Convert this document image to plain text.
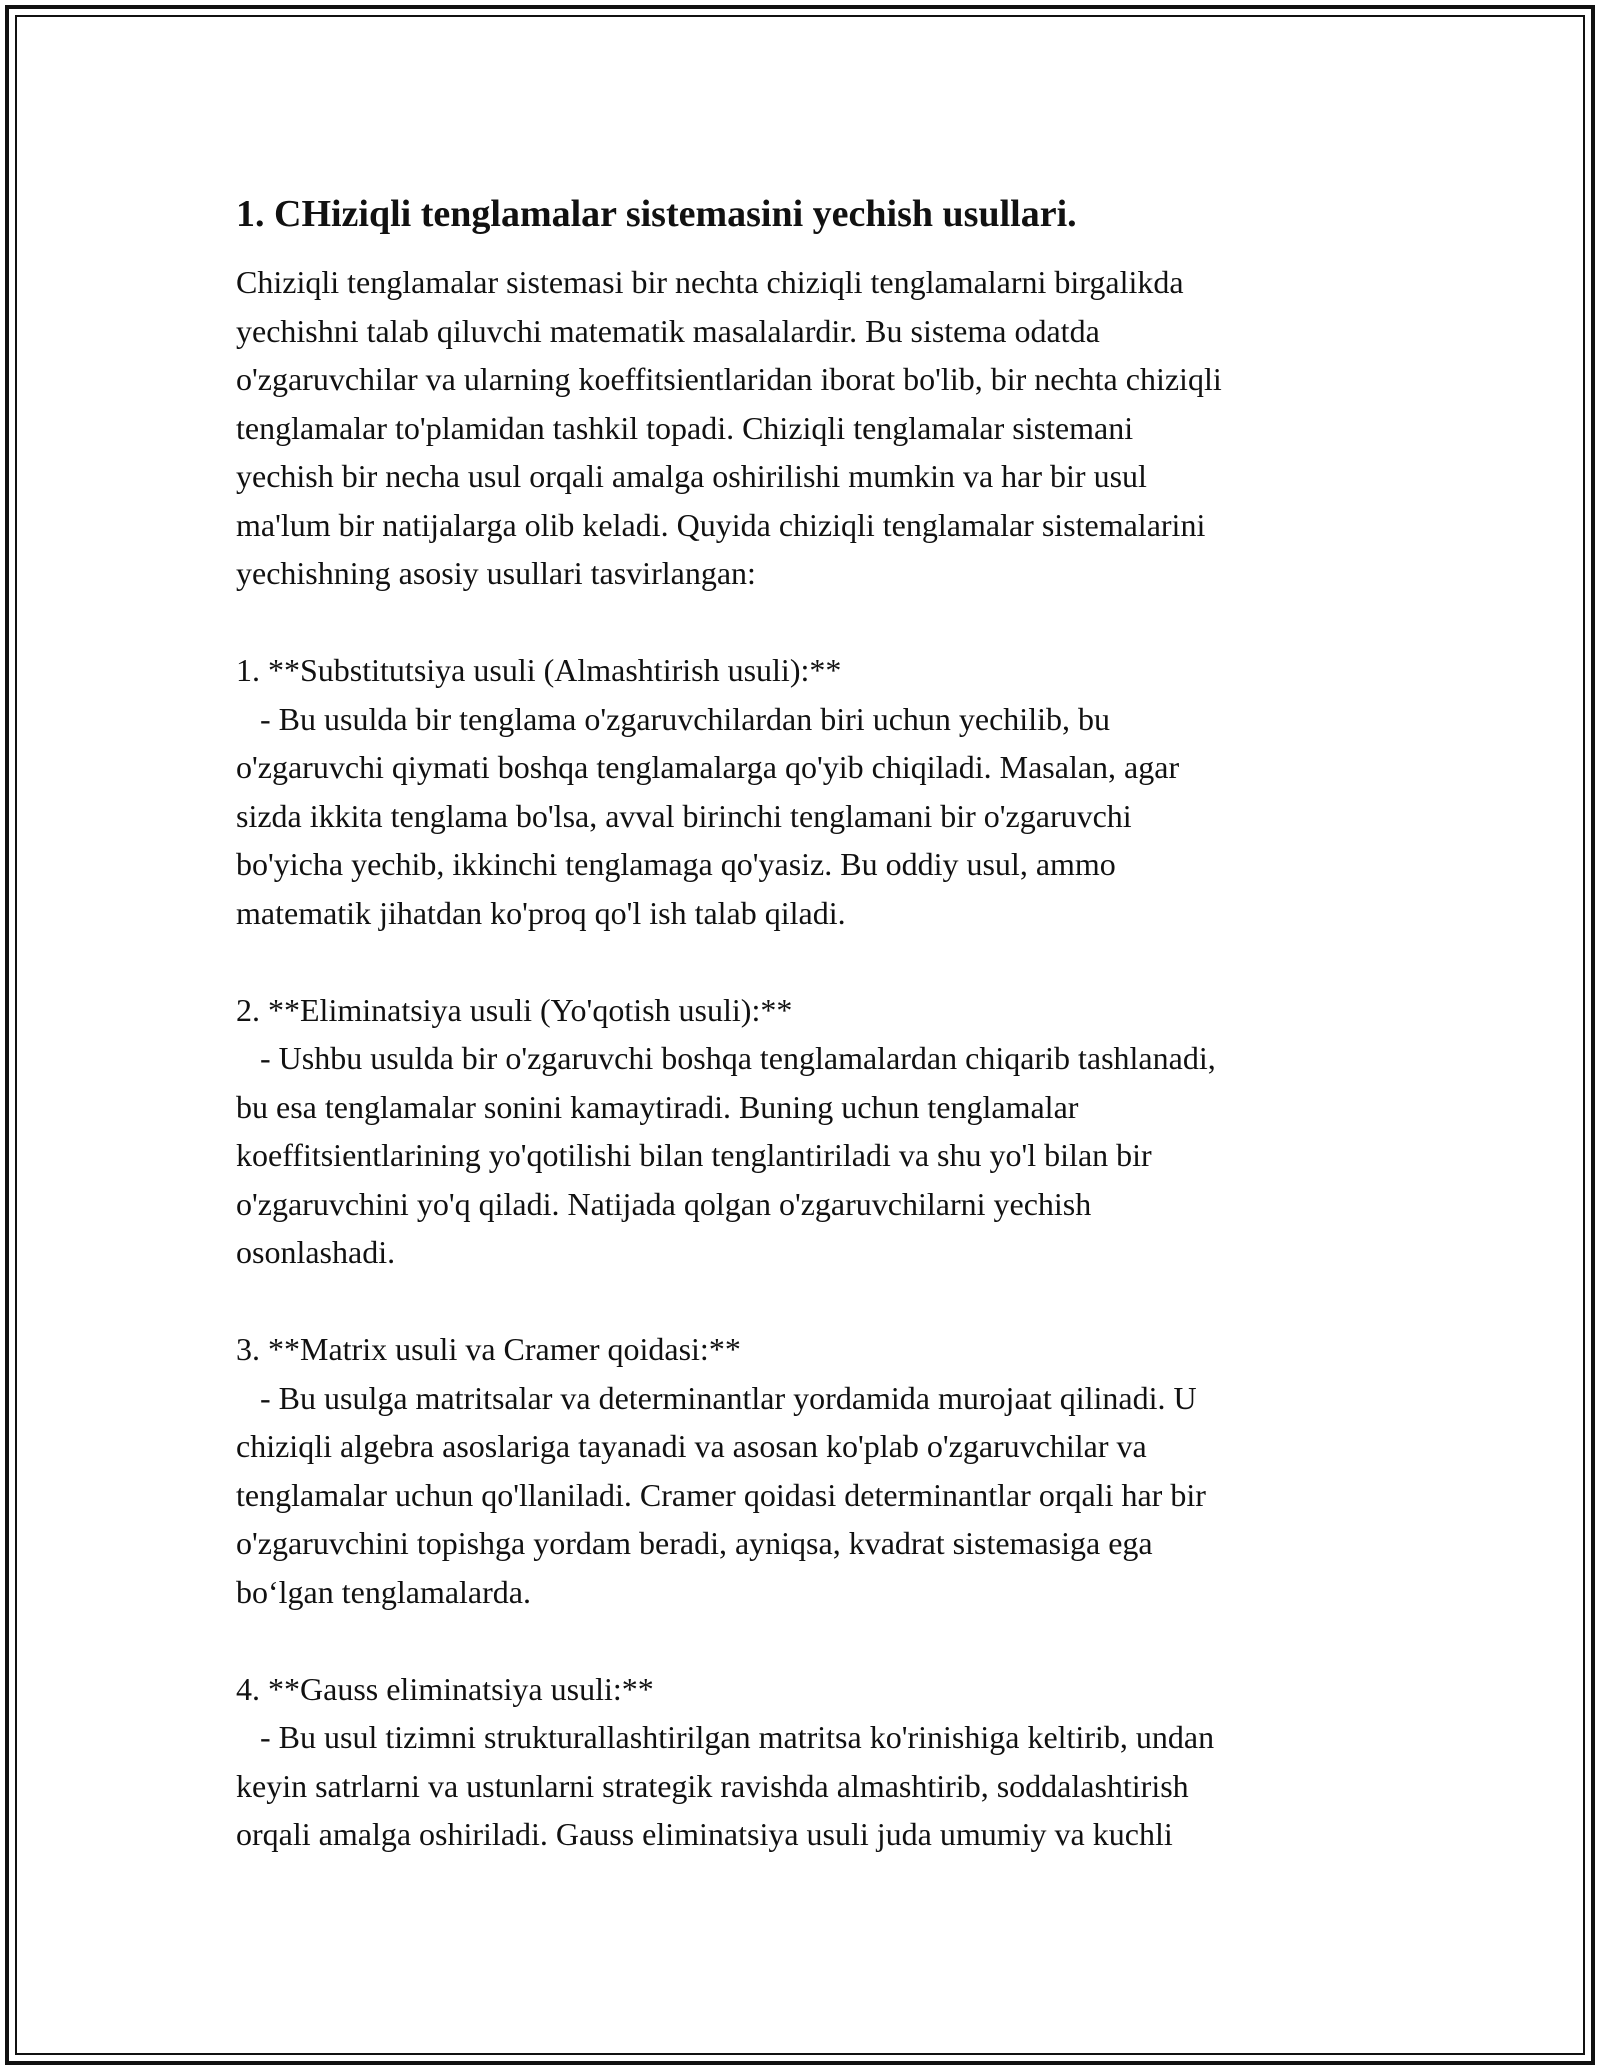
1. CHiziqli tenglamalar sistemasini yechish usullari.
Chiziqli tenglamalar sistemasi bir nechta chiziqli tenglamalarni birgalikda
yechishni talab qiluvchi matematik masalalardir. Bu sistema odatda
o'zgaruvchilar va ularning koeffitsientlaridan iborat bo'lib, bir nechta chiziqli
tenglamalar to'plamidan tashkil topadi. Chiziqli tenglamalar sistemani
yechish bir necha usul orqali amalga oshirilishi mumkin va har bir usul
ma'lum bir natijalarga olib keladi. Quyida chiziqli tenglamalar sistemalarini
yechishning asosiy usullari tasvirlangan:

1. **Substitutsiya usuli (Almashtirish usuli):**
- Bu usulda bir tenglama o'zgaruvchilardan biri uchun yechilib, bu
o'zgaruvchi qiymati boshqa tenglamalarga qo'yib chiqiladi. Masalan, agar
sizda ikkita tenglama bo'lsa, avval birinchi tenglamani bir o'zgaruvchi
bo'yicha yechib, ikkinchi tenglamaga qo'yasiz. Bu oddiy usul, ammo
matematik jihatdan ko'proq qo'l ish talab qiladi.

2. **Eliminatsiya usuli (Yo'qotish usuli):**
- Ushbu usulda bir o'zgaruvchi boshqa tenglamalardan chiqarib tashlanadi,
bu esa tenglamalar sonini kamaytiradi. Buning uchun tenglamalar
koeffitsientlarining yo'qotilishi bilan tenglantiriladi va shu yo'l bilan bir
o'zgaruvchini yo'q qiladi. Natijada qolgan o'zgaruvchilarni yechish
osonlashadi.

3. **Matrix usuli va Cramer qoidasi:**
- Bu usulga matritsalar va determinantlar yordamida murojaat qilinadi. U
chiziqli algebra asoslariga tayanadi va asosan ko'plab o'zgaruvchilar va
tenglamalar uchun qo'llaniladi. Cramer qoidasi determinantlar orqali har bir
o'zgaruvchini topishga yordam beradi, ayniqsa, kvadrat sistemasiga ega
bo‘lgan tenglamalarda.

4. **Gauss eliminatsiya usuli:**
- Bu usul tizimni strukturallashtirilgan matritsa ko'rinishiga keltirib, undan
keyin satrlarni va ustunlarni strategik ravishda almashtirib, soddalashtirish
orqali amalga oshiriladi. Gauss eliminatsiya usuli juda umumiy va kuchli
